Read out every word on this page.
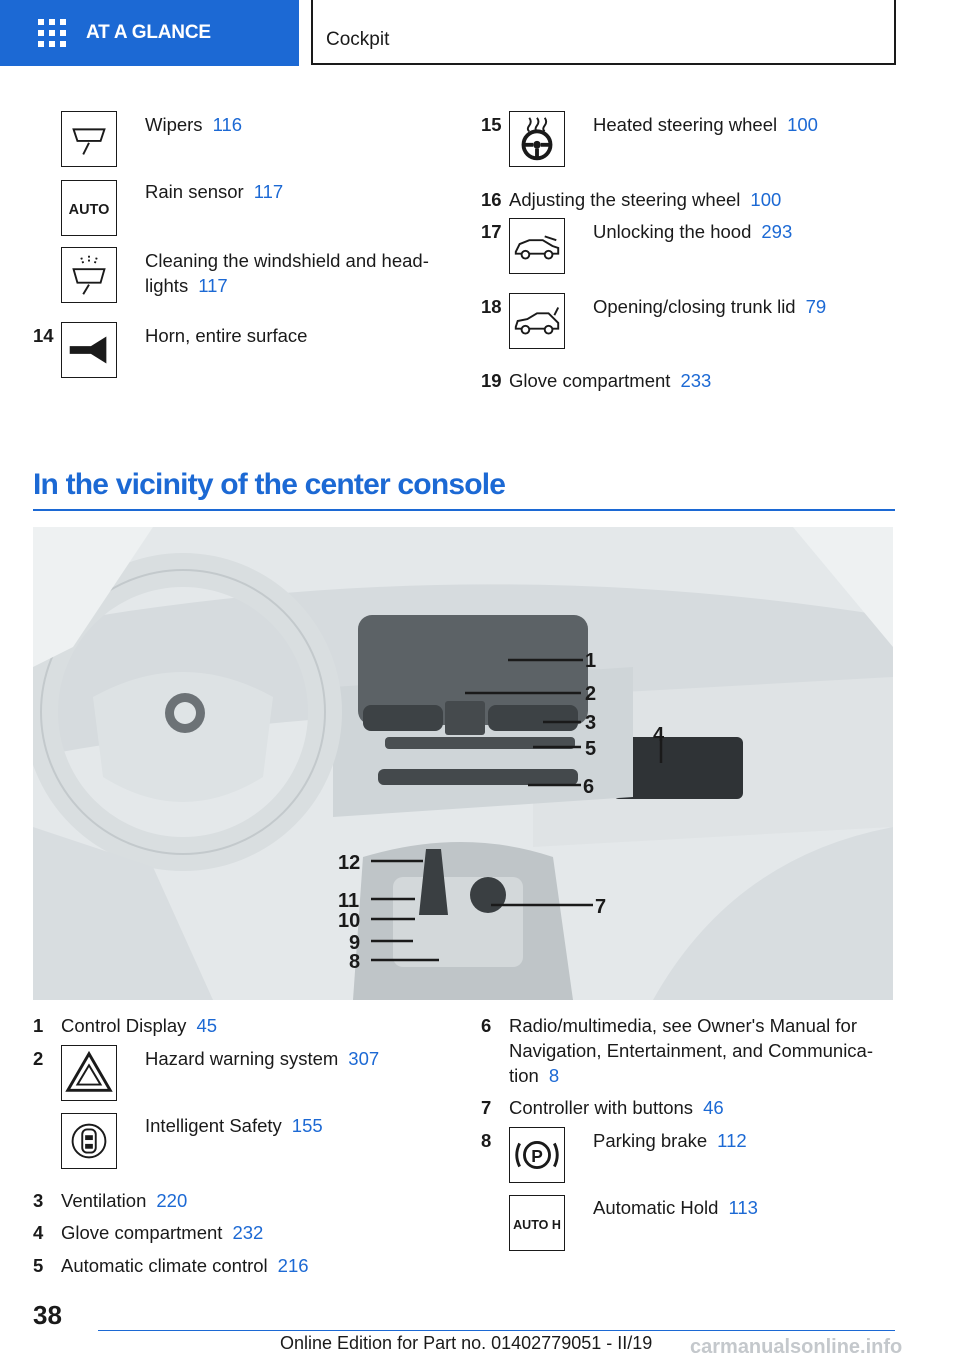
AT A GLANCE	Cockpit
Wipers 116
AUTO
Rain sensor 117
Cleaning the windshield and head-
lights 117
14	Horn, entire surface
15	Heated steering wheel 100
16 Adjusting the steering wheel 100
17	Unlocking the hood 293
18	Opening/closing trunk lid 79
19 Glove compartment 233
In the vicinity of the center console
1
2
3
4
5
6
7
8
9
10
11
12
1 Control Display 45
2	Hazard warning system 307
Intelligent Safety 155
3 Ventilation 220
4 Glove compartment 232
5 Automatic climate control 216
6 Radio/multimedia, see Owner's Manual for
Navigation, Entertainment, and Communica-
tion 8
7 Controller with buttons 46
8
P
Parking brake 112
AUTO H
Automatic Hold 113
38
Online Edition for Part no. 01402779051 - II/19 carmanualsonline.info
